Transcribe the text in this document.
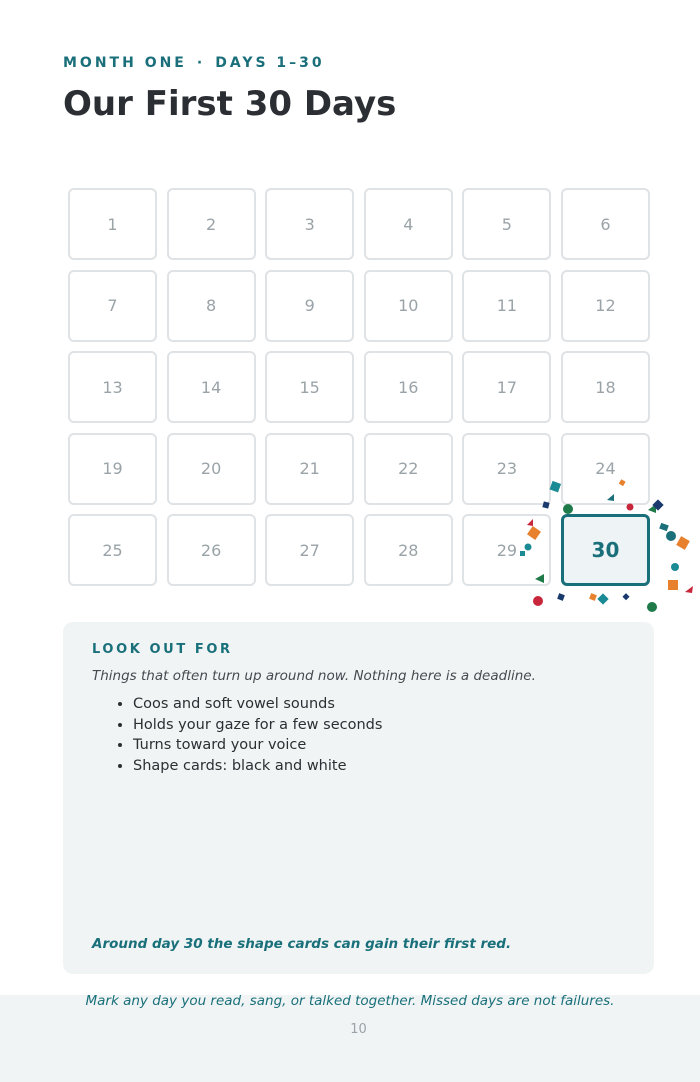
MONTH ONE · DAYS 1–30
Our First 30 Days
1	2	3	4	5	6
7	8	9	10	11	12
13	14	15	16	17	18
19	20	21	22	23	24
25	26	27	28	29	30
LOOK OUT FOR

Things that often turn up around now. Nothing here is a deadline.

• Coos and soft vowel sounds
• Holds your gaze for a few seconds
• Turns toward your voice
• Shape cards: black and white

Around day 30 the shape cards can gain their first red.

Mark any day you read, sang, or talked together. Missed days are not failures.

10
